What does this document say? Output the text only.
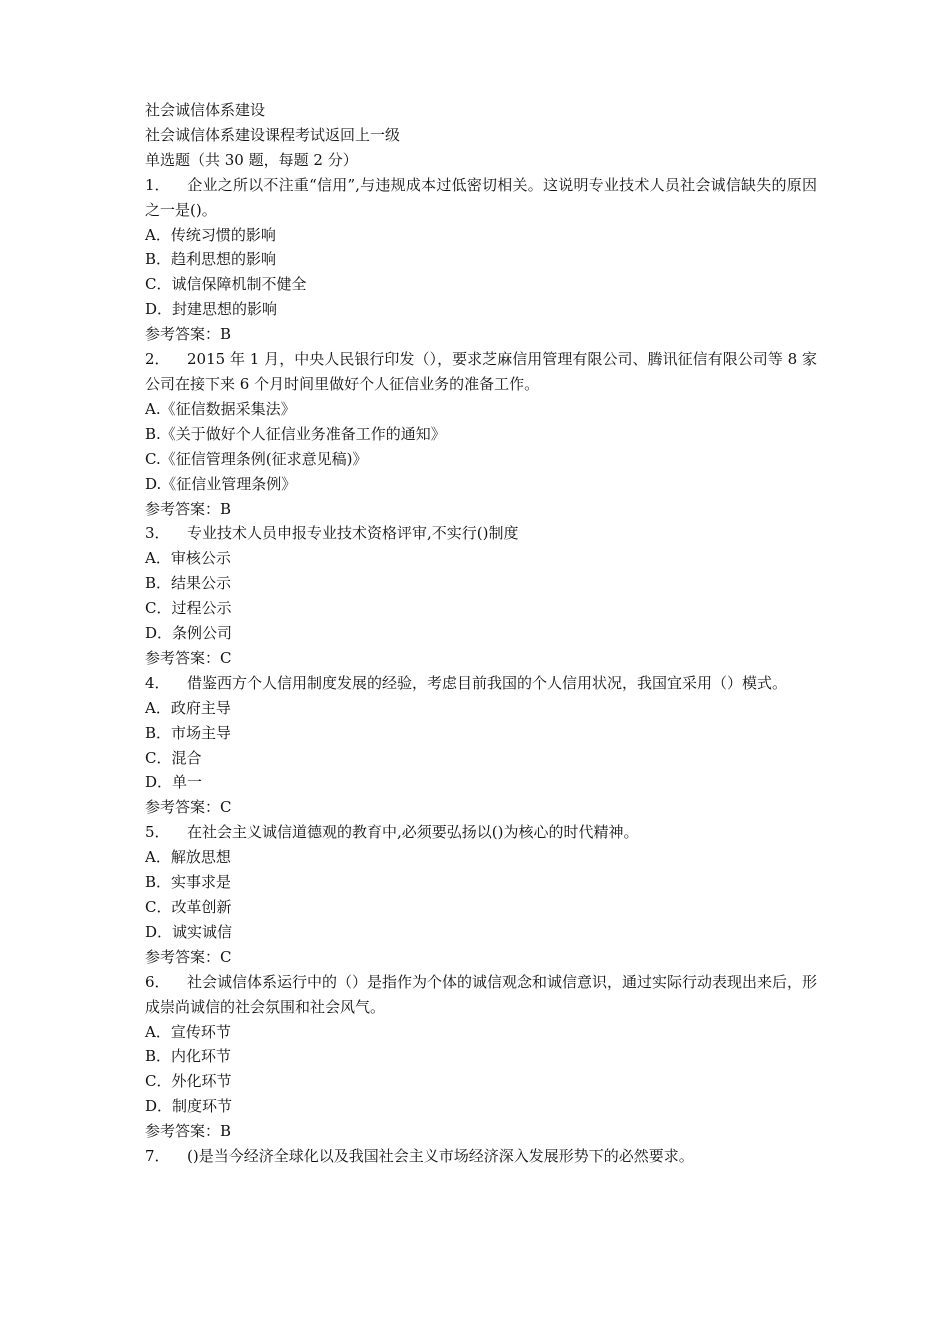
社会诚信体系建设
社会诚信体系建设课程考试返回上一级
单选题（共 30 题，每题 2 分）
1． 企业之所以不注重“信用”,与违规成本过低密切相关。这说明专业技术人员社会诚信缺失的原因之一是()。
A．传统习惯的影响
B．趋利思想的影响
C．诚信保障机制不健全
D．封建思想的影响
参考答案：B
2． 2015 年 1 月，中央人民银行印发（），要求芝麻信用管理有限公司、腾讯征信有限公司等 8 家公司在接下来 6 个月时间里做好个人征信业务的准备工作。
A.《征信数据采集法》
B.《关于做好个人征信业务准备工作的通知》
C.《征信管理条例(征求意见稿)》
D.《征信业管理条例》
参考答案：B
3． 专业技术人员申报专业技术资格评审,不实行()制度
A．审核公示
B．结果公示
C．过程公示
D．条例公司
参考答案：C
4． 借鉴西方个人信用制度发展的经验，考虑目前我国的个人信用状况，我国宜采用（）模式。
A．政府主导
B．市场主导
C．混合
D．单一
参考答案：C
5． 在社会主义诚信道德观的教育中,必须要弘扬以()为核心的时代精神。
A．解放思想
B．实事求是
C．改革创新
D．诚实诚信
参考答案：C
6． 社会诚信体系运行中的（）是指作为个体的诚信观念和诚信意识，通过实际行动表现出来后，形成崇尚诚信的社会氛围和社会风气。
A．宣传环节
B．内化环节
C．外化环节
D．制度环节
参考答案：B
7． ()是当今经济全球化以及我国社会主义市场经济深入发展形势下的必然要求。
